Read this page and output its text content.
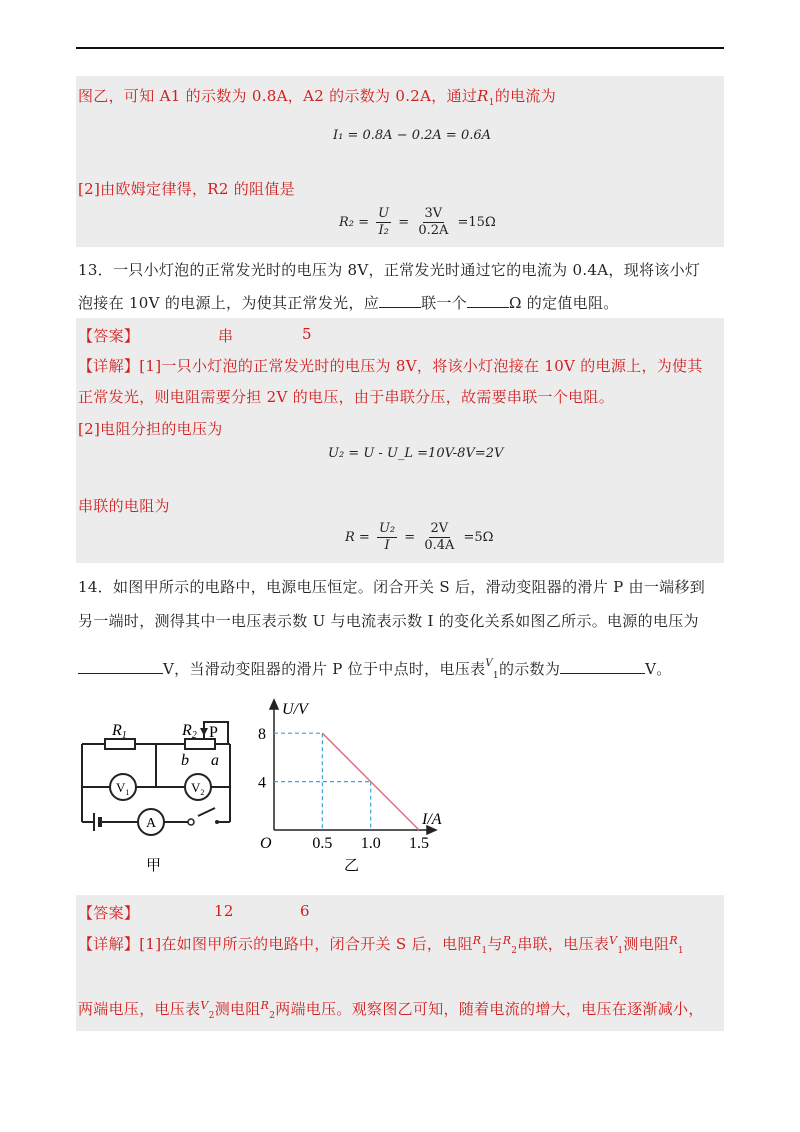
图乙，可知 A1 的示数为 0.8A，A2 的示数为 0.2A，通过$R_1$的电流为
I₁ = 0.8A − 0.2A = 0.6A
[2]由欧姆定律得，R2 的阻值是
$R_2 = \frac{U}{\text{I₂}} = \frac{3V}{0.2A} =15\Omega$
13．一只小灯泡的正常发光时的电压为 8V，正常发光时通过它的电流为 0.4A，现将该小灯
泡接在 10V 的电源上，为使其正常发光，应	联一个	Ω 的定值电阻。
【答案】	串	5
【详解】[1]一只小灯泡的正常发光时的电压为 8V，将该小灯泡接在 10V 的电源上，为使其
正常发光，则电阻需要分担 2V 的电压，由于串联分压，故需要串联一个电阻。
[2]电阻分担的电压为
U₂ = U - U_L =10V-8V=2V
串联的电阻为
$R = \frac{\text{U₂}}{I} = \frac{2V}{0.4A} =5\Omega$
14．如图甲所示的电路中，电源电压恒定。闭合开关 S 后，滑动变阻器的滑片 P 由一端移到
另一端时，测得其中一电压表示数 U 与电流表示数 I 的变化关系如图乙所示。电源的电压为
V，当滑动变阻器的滑片 P 位于中点时，电压表$^V_1$的示数为	V。
R1	R2 P
b a
$V_1$	$V_2$
A
甲
0.5 1.0 1.5
8
4
U/V
I/A
O
乙
【答案】	12	6
【详解】[1]在如图甲所示的电路中，闭合开关 S 后，电阻$^R_1$与$^R_2$串联，电压表$^V_1$测电阻$^R_1$
两端电压，电压表$^V_2$测电阻$^R_2$两端电压。观察图乙可知，随着电流的增大，电压在逐渐减小，
